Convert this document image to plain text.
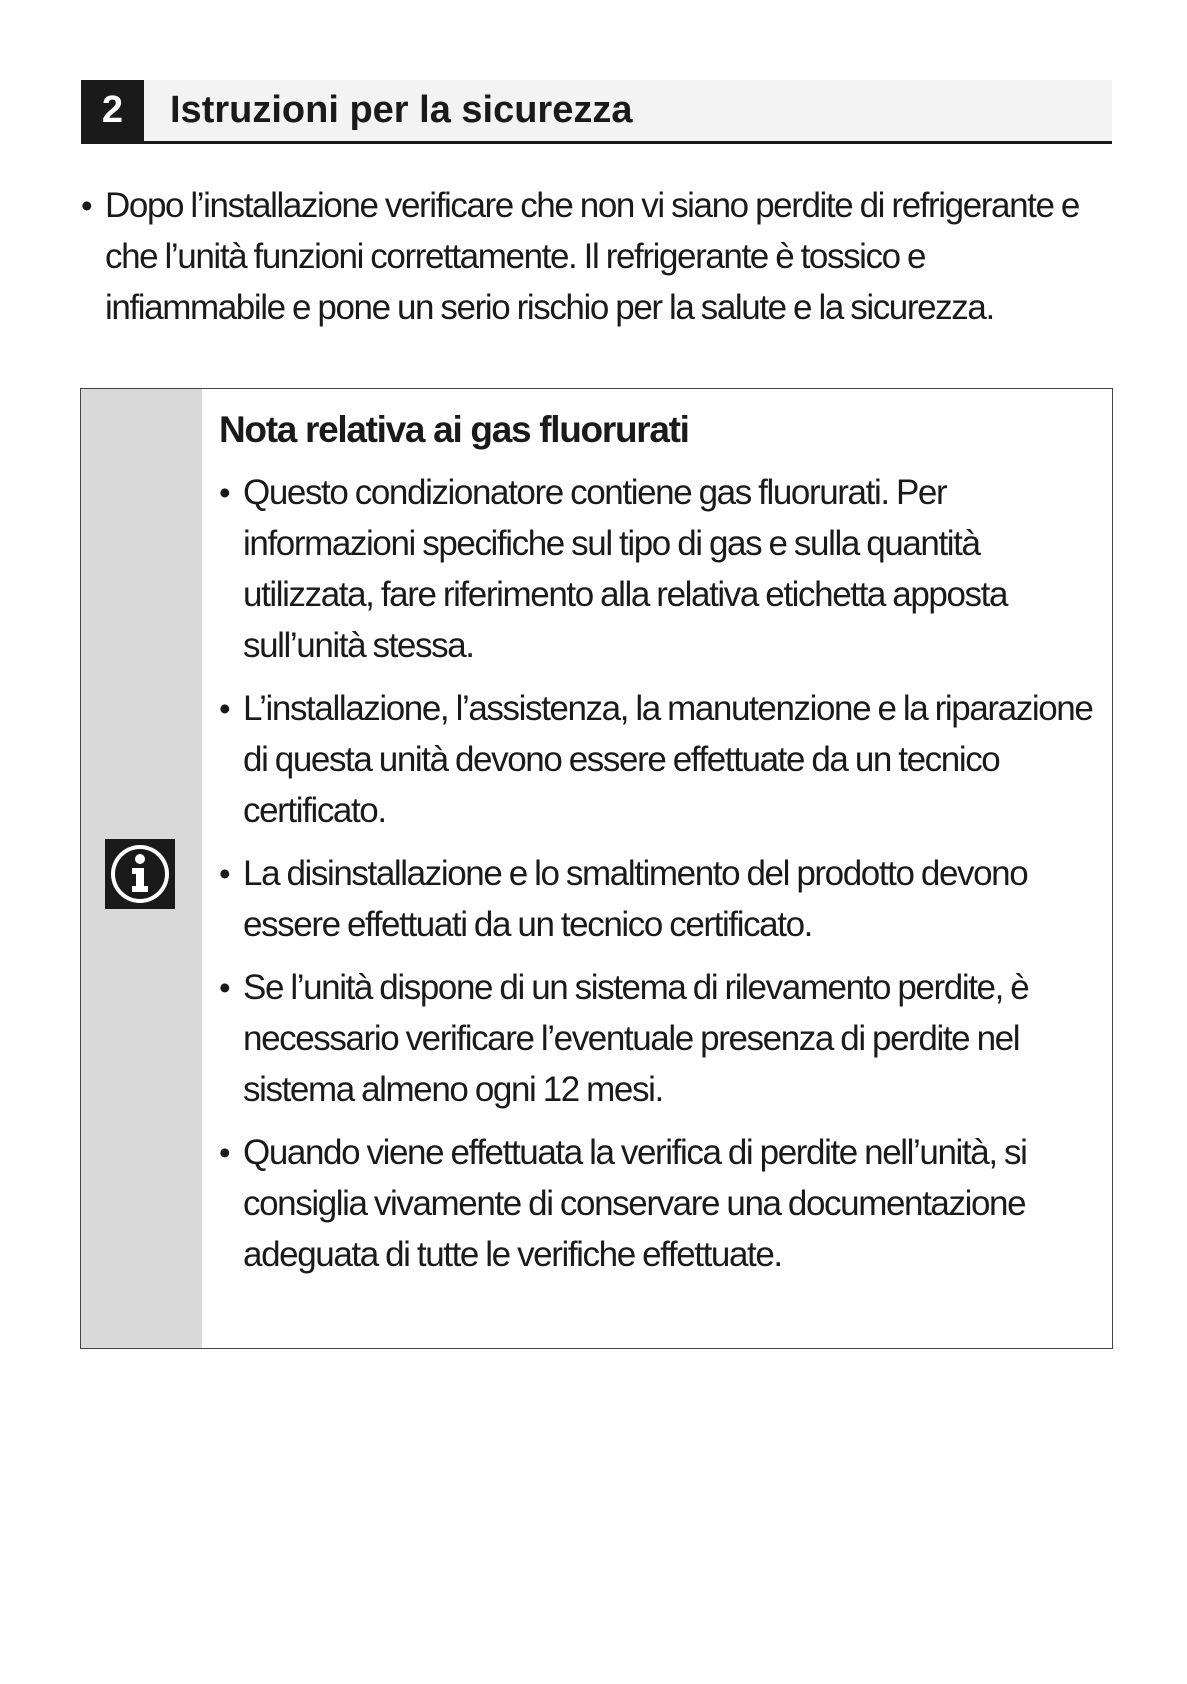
2	Istruzioni per la sicurezza
• Dopo l’installazione verificare che non vi siano perdite di refrigerante e che l’unità funzioni correttamente. Il refrigerante è tossico e infiammabile e pone un serio rischio per la salute e la sicurezza.
Nota relativa ai gas fluorurati
• Questo condizionatore contiene gas fluorurati. Per informazioni specifiche sul tipo di gas e sulla quantità utilizzata, fare riferimento alla relativa etichetta apposta sull’unità stessa.
• L’installazione, l’assistenza, la manutenzione e la riparazione di questa unità devono essere effettuate da un tecnico certificato.
• La disinstallazione e lo smaltimento del prodotto devono essere effettuati da un tecnico certificato.
• Se l’unità dispone di un sistema di rilevamento perdite, è necessario verificare l’eventuale presenza di perdite nel sistema almeno ogni 12 mesi.
• Quando viene effettuata la verifica di perdite nell’unità, si consiglia vivamente di conservare una documentazione adeguata di tutte le verifiche effettuate.
